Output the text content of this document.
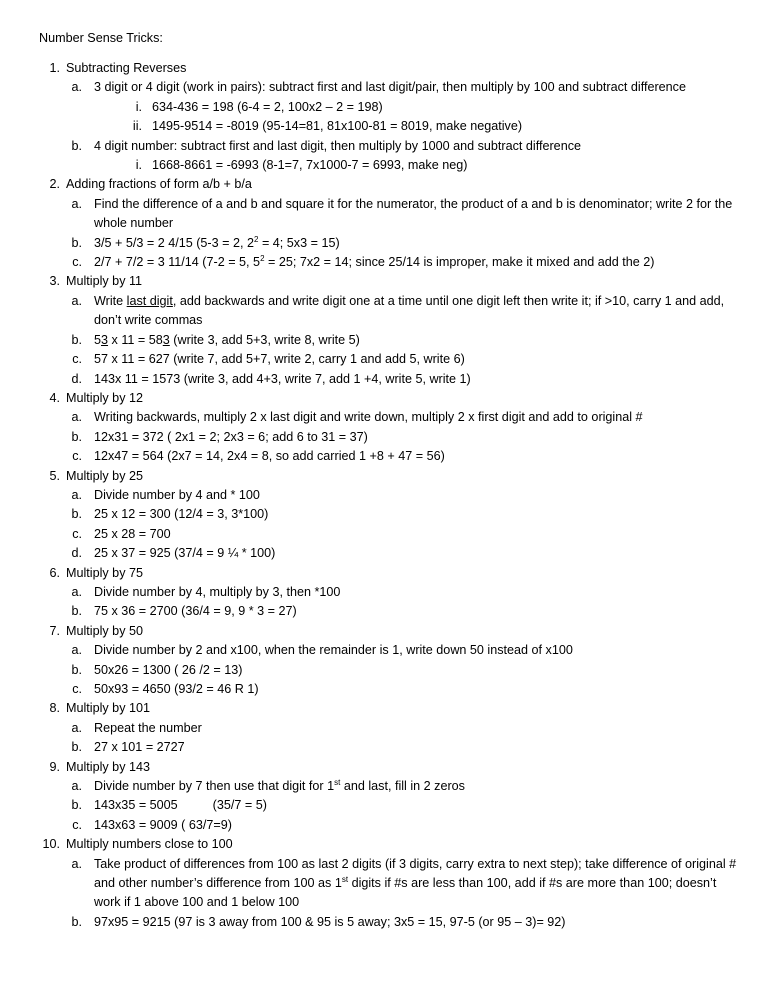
Number Sense Tricks:
1. Subtracting Reverses
a. 3 digit or 4 digit (work in pairs): subtract first and last digit/pair, then multiply by 100 and subtract difference
i. 634-436 = 198 (6-4 = 2, 100x2 – 2 = 198)
ii. 1495-9514 = -8019 (95-14=81, 81x100-81 = 8019, make negative)
b. 4 digit number: subtract first and last digit, then multiply by 1000 and subtract difference
i. 1668-8661 = -6993 (8-1=7, 7x1000-7 = 6993, make neg)
2. Adding fractions of form a/b + b/a
a. Find the difference of a and b and square it for the numerator, the product of a and b is denominator; write 2 for the whole number
b. 3/5 + 5/3 = 2 4/15 (5-3 = 2, $2^2 = 4$; 5x3 = 15)
c. 2/7 + 7/2 = 3 11/14 (7-2 = 5, $5^2 = 25$; 7x2 = 14; since 25/14 is improper, make it mixed and add the 2)
3. Multiply by 11
a. Write last digit, add backwards and write digit one at a time until one digit left then write it; if >10, carry 1 and add, don’t write commas
b. 53 x 11 = 583 (write 3, add 5+3, write 8, write 5)
c. 57 x 11 = 627 (write 7, add 5+7, write 2, carry 1 and add 5, write 6)
d. 143x 11 = 1573 (write 3, add 4+3, write 7, add 1 +4, write 5, write 1)
4. Multiply by 12
a. Writing backwards, multiply 2 x last digit and write down, multiply 2 x first digit and add to original #
b. 12x31 = 372 ( 2x1 = 2; 2x3 = 6; add 6 to 31 = 37)
c. 12x47 = 564 (2x7 = 14, 2x4 = 8, so add carried 1 +8 + 47 = 56)
5. Multiply by 25
a. Divide number by 4 and * 100
b. 25 x 12 = 300 (12/4 = 3, 3*100)
c. 25 x 28 = 700
d. 25 x 37 = 925 (37/4 = 9 ¼ * 100)
6. Multiply by 75
a. Divide number by 4, multiply by 3, then *100
b. 75 x 36 = 2700 (36/4 = 9, 9 * 3 = 27)
7. Multiply by 50
a. Divide number by 2 and x100, when the remainder is 1, write down 50 instead of x100
b. 50x26 = 1300 ( 26 /2 = 13)
c. 50x93 = 4650 (93/2 = 46 R 1)
8. Multiply by 101
a. Repeat the number
b. 27 x 101 = 2727
9. Multiply by 143
a. Divide number by 7 then use that digit for 1st and last, fill in 2 zeros
b. 143x35 = 5005          (35/7 = 5)
c. 143x63 = 9009 ( 63/7=9)
10. Multiply numbers close to 100
a. Take product of differences from 100 as last 2 digits (if 3 digits, carry extra to next step); take difference of original # and other number’s difference from 100 as 1st digits if #s are less than 100, add if #s are more than 100; doesn’t work if 1 above 100 and 1 below 100
b. 97x95 = 9215 (97 is 3 away from 100 & 95 is 5 away; 3x5 = 15, 97-5 (or 95 – 3)= 92)
